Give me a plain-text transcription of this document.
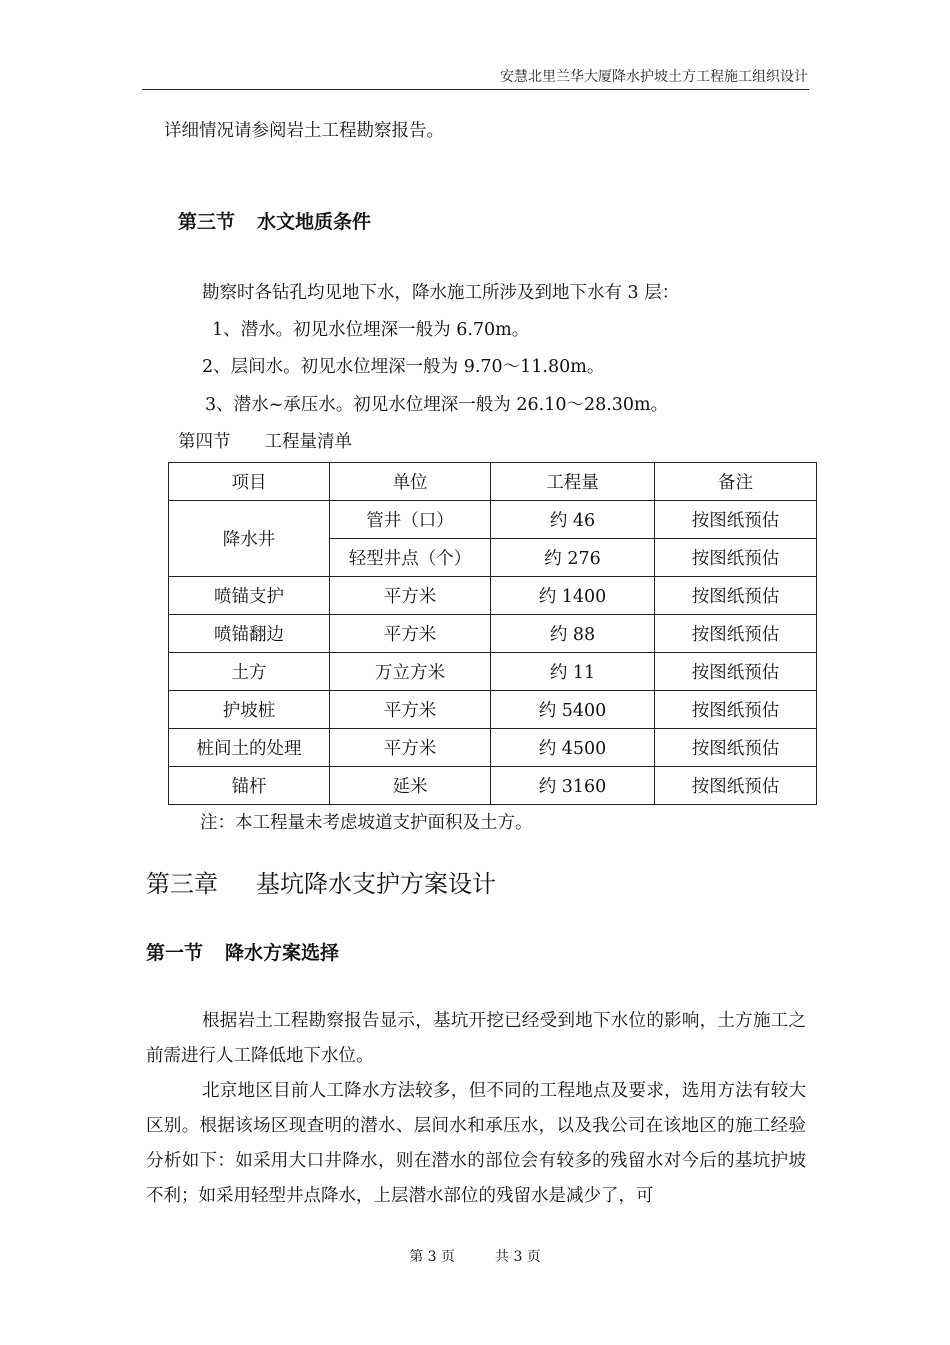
安慧北里兰华大厦降水护坡土方工程施工组织设计
详细情况请参阅岩土工程勘察报告。
第三节 水文地质条件
勘察时各钻孔均见地下水，降水施工所涉及到地下水有 3 层：
1、潜水。初见水位埋深一般为 6.70m。
2、层间水。初见水位埋深一般为 9.70～11.80m。
3、潜水~承压水。初见水位埋深一般为 26.10～28.30m。
第四节 工程量清单
项目	单位	工程量	备注
降水井	管井（口）	约 46	按图纸预估
	轻型井点（个）	约 276	按图纸预估
喷锚支护	平方米	约 1400	按图纸预估
喷锚翻边	平方米	约 88	按图纸预估
土方	万立方米	约 11	按图纸预估
护坡桩	平方米	约 5400	按图纸预估
桩间土的处理	平方米	约 4500	按图纸预估
锚杆	延米	约 3160	按图纸预估
注：本工程量未考虑坡道支护面积及土方。
第三章 基坑降水支护方案设计
第一节 降水方案选择
根据岩土工程勘察报告显示，基坑开挖已经受到地下水位的影响，土方施工之前需进行人工降低地下水位。
北京地区目前人工降水方法较多，但不同的工程地点及要求，选用方法有较大区别。根据该场区现查明的潜水、层间水和承压水，以及我公司在该地区的施工经验分析如下：如采用大口井降水，则在潜水的部位会有较多的残留水对今后的基坑护坡不利；如采用轻型井点降水，上层潜水部位的残留水是减少了，可
第 3 页	共 3 页
